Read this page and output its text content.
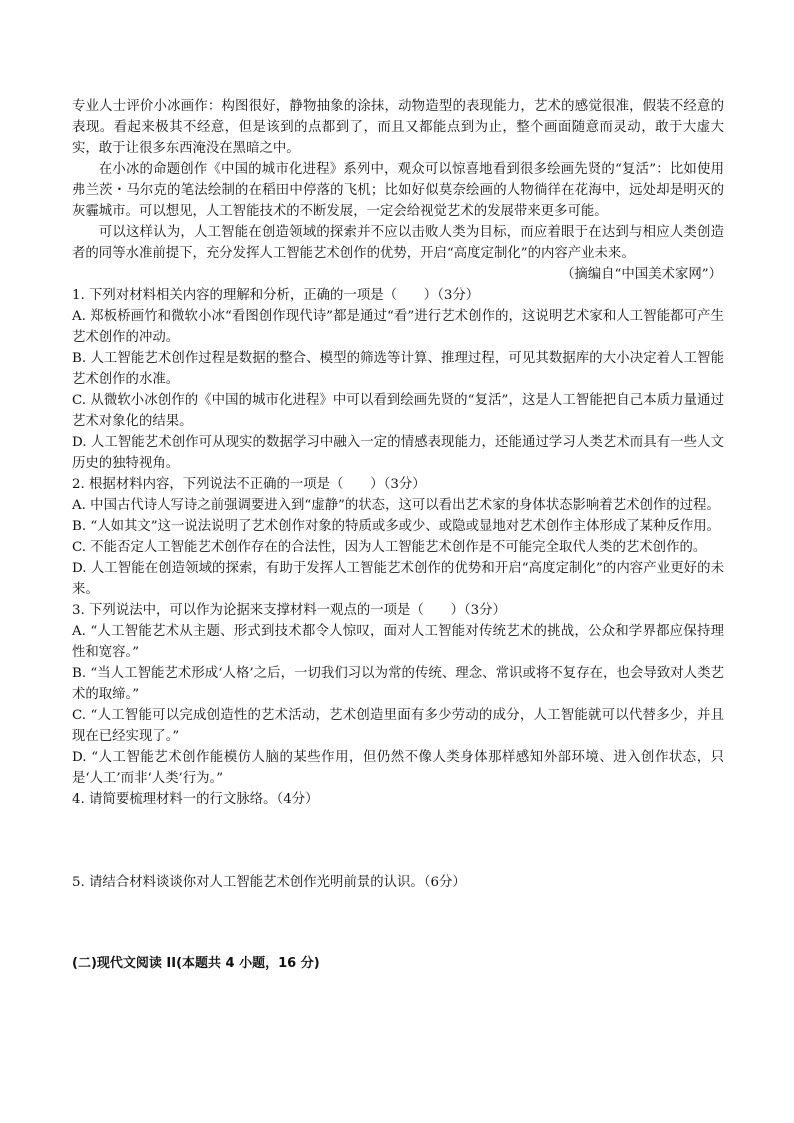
专业人士评价小冰画作：构图很好，静物抽象的涂抹，动物造型的表现能力，艺术的感觉很准，假装不经意的表现。看起来极其不经意，但是该到的点都到了，而且又都能点到为止，整个画面随意而灵动，敢于大虚大实，敢于让很多东西淹没在黑暗之中。

在小冰的命题创作《中国的城市化进程》系列中，观众可以惊喜地看到很多绘画先贤的“复活”：比如使用弗兰茨・马尔克的笔法绘制的在稻田中停落的飞机；比如好似莫奈绘画的人物徜徉在花海中，远处却是明灭的灰霾城市。可以想见，人工智能技术的不断发展，一定会给视觉艺术的发展带来更多可能。

可以这样认为，人工智能在创造领域的探索并不应以击败人类为目标，而应着眼于在达到与相应人类创造者的同等水准前提下，充分发挥人工智能艺术创作的优势，开启“高度定制化”的内容产业未来。

（摘编自“中国美术家网”）

1. 下列对材料相关内容的理解和分析，正确的一项是（　　）（3分）

A. 郑板桥画竹和微软小冰“看图创作现代诗”都是通过“看”进行艺术创作的，这说明艺术家和人工智能都可产生艺术创作的冲动。

B. 人工智能艺术创作过程是数据的整合、模型的筛选等计算、推理过程，可见其数据库的大小决定着人工智能艺术创作的水准。

C. 从微软小冰创作的《中国的城市化进程》中可以看到绘画先贤的“复活”，这是人工智能把自己本质力量通过艺术对象化的结果。

D. 人工智能艺术创作可从现实的数据学习中融入一定的情感表现能力，还能通过学习人类艺术而具有一些人文历史的独特视角。

2. 根据材料内容，下列说法不正确的一项是（　　）（3分）

A. 中国古代诗人写诗之前强调要进入到“虚静”的状态，这可以看出艺术家的身体状态影响着艺术创作的过程。

B. “人如其文”这一说法说明了艺术创作对象的特质或多或少、或隐或显地对艺术创作主体形成了某种反作用。

C. 不能否定人工智能艺术创作存在的合法性，因为人工智能艺术创作是不可能完全取代人类的艺术创作的。

D. 人工智能在创造领域的探索，有助于发挥人工智能艺术创作的优势和开启“高度定制化”的内容产业更好的未来。

3. 下列说法中，可以作为论据来支撑材料一观点的一项是（　　）（3分）

A. “人工智能艺术从主题、形式到技术都令人惊叹，面对人工智能对传统艺术的挑战，公众和学界都应保持理性和宽容。”

B. “当人工智能艺术形成‘人格’之后，一切我们习以为常的传统、理念、常识或将不复存在，也会导致对人类艺术的取缔。”

C. “人工智能可以完成创造性的艺术活动，艺术创造里面有多少劳动的成分，人工智能就可以代替多少，并且现在已经实现了。”

D. “人工智能艺术创作能模仿人脑的某些作用，但仍然不像人类身体那样感知外部环境、进入创作状态，只是‘人工’而非‘人类’行为。”

4. 请简要梳理材料一的行文脉络。（4分）

5. 请结合材料谈谈你对人工智能艺术创作光明前景的认识。（6分）

(二)现代文阅读 II(本题共 4 小题，16 分)
